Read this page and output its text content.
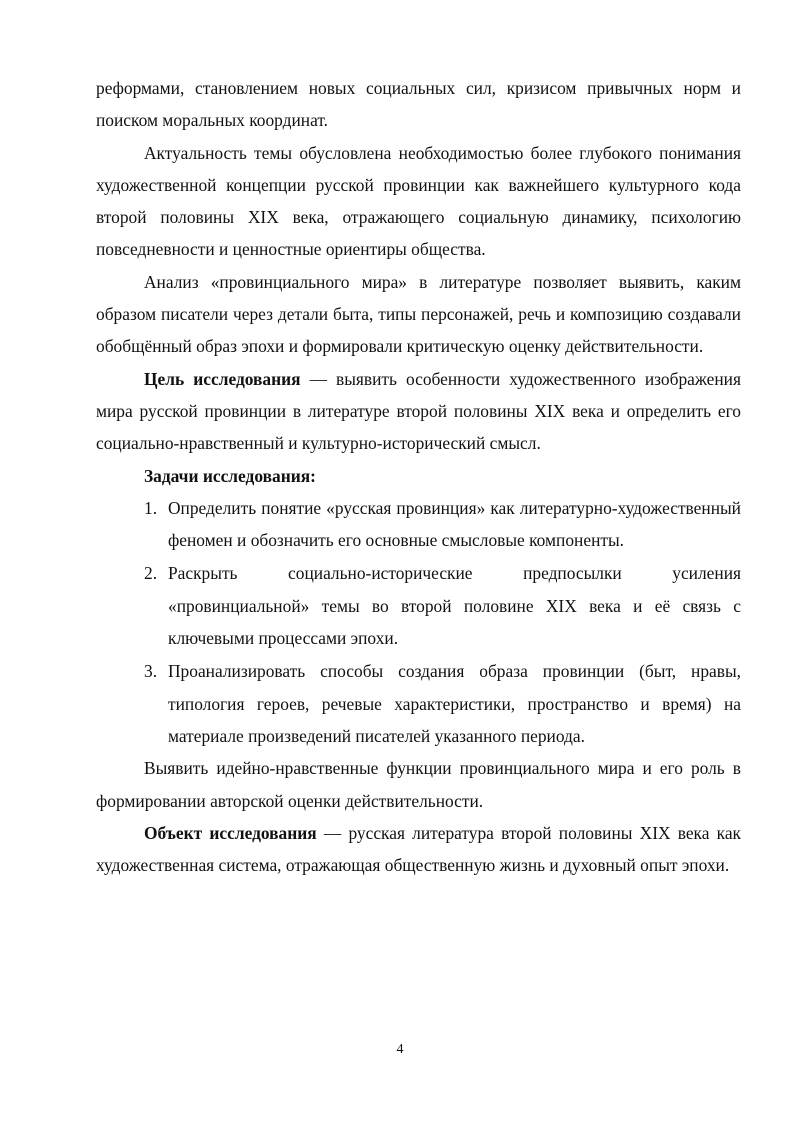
реформами, становлением новых социальных сил, кризисом привычных норм и поиском моральных координат.

Актуальность темы обусловлена необходимостью более глубокого понимания художественной концепции русской провинции как важнейшего культурного кода второй половины XIX века, отражающего социальную динамику, психологию повседневности и ценностные ориентиры общества.

Анализ «провинциального мира» в литературе позволяет выявить, каким образом писатели через детали быта, типы персонажей, речь и композицию создавали обобщённый образ эпохи и формировали критическую оценку действительности.

Цель исследования — выявить особенности художественного изображения мира русской провинции в литературе второй половины XIX века и определить его социально-нравственный и культурно-исторический смысл.

Задачи исследования:
1. Определить понятие «русская провинция» как литературно-художественный феномен и обозначить его основные смысловые компоненты.
2. Раскрыть социально-исторические предпосылки усиления «провинциальной» темы во второй половине XIX века и её связь с ключевыми процессами эпохи.
3. Проанализировать способы создания образа провинции (быт, нравы, типология героев, речевые характеристики, пространство и время) на материале произведений писателей указанного периода.

Выявить идейно-нравственные функции провинциального мира и его роль в формировании авторской оценки действительности.

Объект исследования — русская литература второй половины XIX века как художественная система, отражающая общественную жизнь и духовный опыт эпохи.

4
